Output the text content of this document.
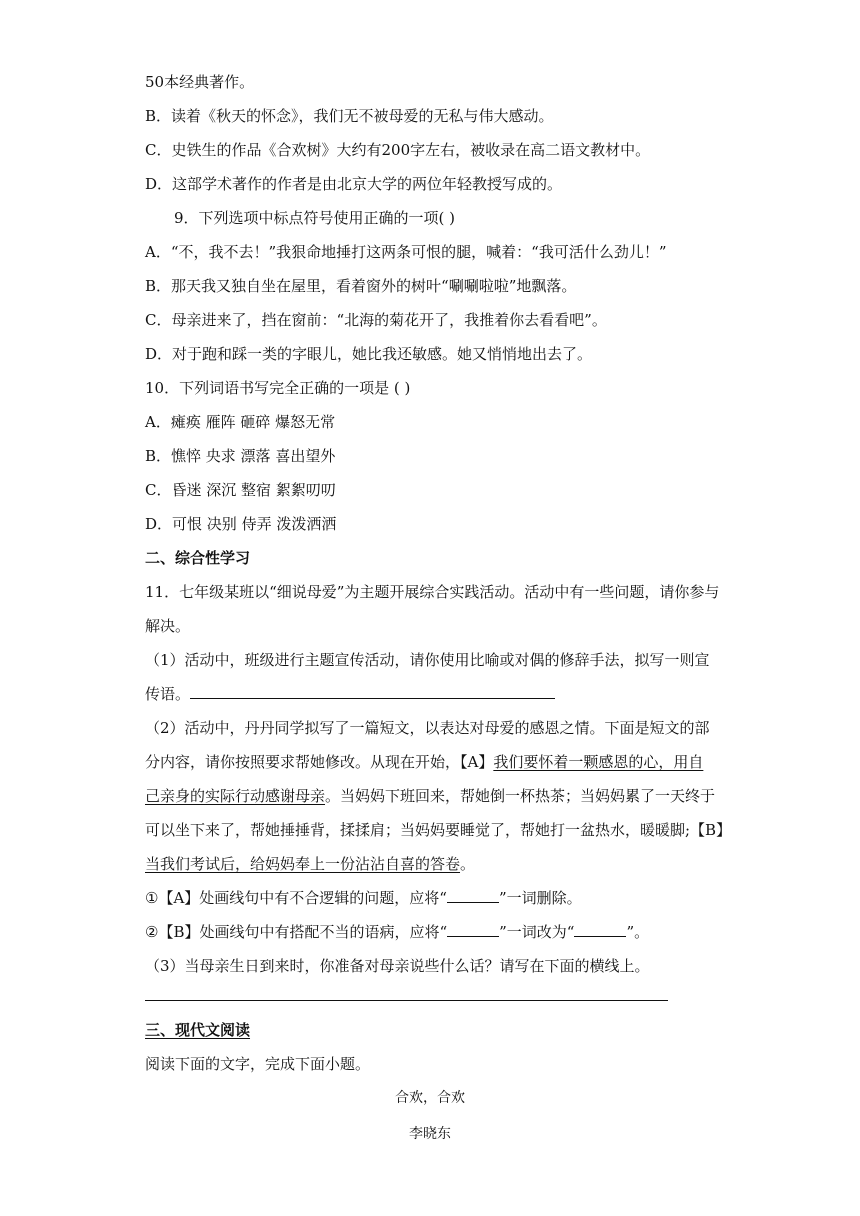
50本经典著作。
B．读着《秋天的怀念》，我们无不被母爱的无私与伟大感动。
C．史铁生的作品《合欢树》大约有200字左右，被收录在高二语文教材中。
D．这部学术著作的作者是由北京大学的两位年轻教授写成的。
9．下列选项中标点符号使用正确的一项( )
A．“不，我不去！”我狠命地捶打这两条可恨的腿，喊着：“我可活什么劲儿！”
B．那天我又独自坐在屋里，看着窗外的树叶“唰唰啦啦”地飘落。
C．母亲进来了，挡在窗前：“北海的菊花开了，我推着你去看看吧”。
D．对于跑和踩一类的字眼儿，她比我还敏感。她又悄悄地出去了。
10．下列词语书写完全正确的一项是 ( )
A．瘫痪 雁阵 砸碎 爆怒无常
B．憔悴 央求 漂落 喜出望外
C．昏迷 深沉 整宿 絮絮叨叨
D．可恨 决别 侍弄 泼泼洒洒
二、综合性学习
11．七年级某班以“细说母爱”为主题开展综合实践活动。活动中有一些问题，请你参与
解决。
（1）活动中，班级进行主题宣传活动，请你使用比喻或对偶的修辞手法，拟写一则宣
传语。
（2）活动中，丹丹同学拟写了一篇短文，以表达对母爱的感恩之情。下面是短文的部
分内容，请你按照要求帮她修改。从现在开始，【A】我们要怀着一颗感恩的心，用自
己亲身的实际行动感谢母亲。当妈妈下班回来，帮她倒一杯热茶；当妈妈累了一天终于
可以坐下来了，帮她捶捶背，揉揉肩；当妈妈要睡觉了，帮她打一盆热水，暖暖脚;【B】
当我们考试后，给妈妈奉上一份沾沾自喜的答卷。
①【A】处画线句中有不合逻辑的问题，应将“	”一词删除。
②【B】处画线句中有搭配不当的语病，应将“	”一词改为“	”。
（3）当母亲生日到来时，你准备对母亲说些什么话？请写在下面的横线上。
三、现代文阅读
阅读下面的文字，完成下面小题。
合欢，合欢
李晓东
